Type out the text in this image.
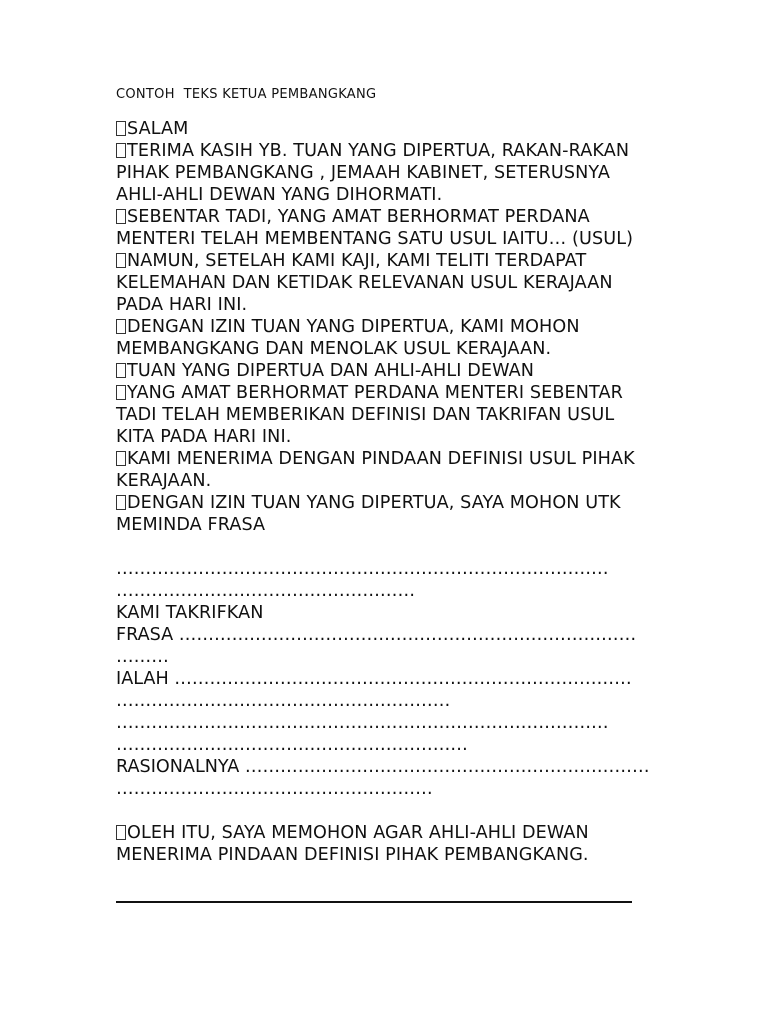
CONTOH  TEKS KETUA PEMBANGKANG

SALAM

TERIMA KASIH YB. TUAN YANG DIPERTUA, RAKAN-RAKAN PIHAK PEMBANGKANG , JEMAAH KABINET, SETERUSNYA AHLI-AHLI DEWAN YANG DIHORMATI.

SEBENTAR TADI, YANG AMAT BERHORMAT PERDANA MENTERI TELAH MEMBENTANG SATU USUL IAITU… (USUL)

NAMUN, SETELAH KAMI KAJI, KAMI TELITI TERDAPAT KELEMAHAN DAN KETIDAK RELEVANAN USUL KERAJAAN PADA HARI INI.

DENGAN IZIN TUAN YANG DIPERTUA, KAMI MOHON MEMBANGKANG DAN MENOLAK USUL KERAJAAN.

TUAN YANG DIPERTUA DAN AHLI-AHLI DEWAN

YANG AMAT BERHORMAT PERDANA MENTERI SEBENTAR TADI TELAH MEMBERIKAN DEFINISI DAN TAKRIFAN USUL KITA PADA HARI INI.

KAMI MENERIMA DENGAN PINDAAN DEFINISI USUL PIHAK KERAJAAN.

DENGAN IZIN TUAN YANG DIPERTUA, SAYA MOHON UTK MEMINDA FRASA

…………………………………………………………………………
……………………………………………
KAMI TAKRIFKAN
FRASA ……………………………………………………………………
………
IALAH ……………………………………………………………………
…………………………………………………
…………………………………………………………………………
……………………………………………………
RASIONALNYA ……………………………………………………………
………………………………………………

OLEH ITU, SAYA MEMOHON AGAR AHLI-AHLI DEWAN MENERIMA PINDAAN DEFINISI PIHAK PEMBANGKANG.
